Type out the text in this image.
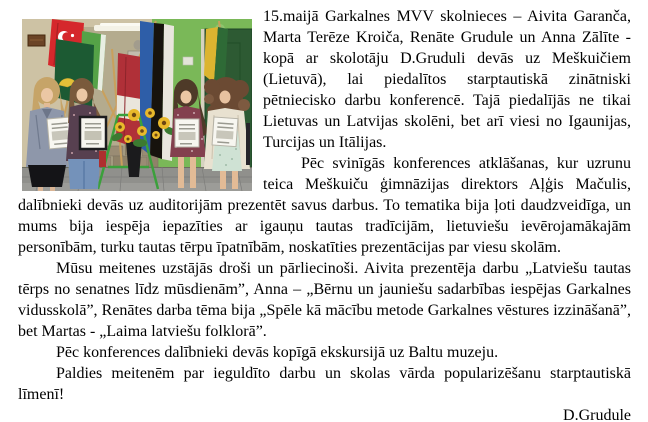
15.maijā Garkalnes MVV skolnieces – Aivita Garanča, Marta Terēze Kroiča, Renāte Grudule un Anna Zālīte - kopā ar skolotāju D.Gruduli devās uz Meškuičiem (Lietuvā), lai piedalītos starptautiskā zinātniski pētniecisko darbu konferencē. Tajā piedalījās ne tikai Lietuvas un Latvijas skolēni, bet arī viesi no Igaunijas, Turcijas un Itālijas.

Pēc svinīgās konferences atklāšanas, kur uzrunu teica Meškuiču ģimnāzijas direktors Aļģis Mačulis, dalībnieki devās uz auditorijām prezentēt savus darbus. To tematika bija ļoti daudzveidīga, un mums bija iespēja iepazīties ar igauņu tautas tradīcijām, lietuviešu ievērojamākajām personībām, turku tautas tērpu īpatnībām, noskatīties prezentācijas par viesu skolām.

Mūsu meitenes uzstājās droši un pārliecinoši. Aivita prezentēja darbu „Latviešu tautas tērps no senatnes līdz mūsdienām”, Anna – „Bērnu un jauniešu sadarbības iespējas Garkalnes vidusskolā”, Renātes darba tēma bija „Spēle kā mācību metode Garkalnes vēstures izzināšanā”, bet Martas - „Laima latviešu folklorā”.

Pēc konferences dalībnieki devās kopīgā ekskursijā uz Baltu muzeju.

Paldies meitenēm par ieguldīto darbu un skolas vārda popularizēšanu starptautiskā līmenī!

D.Grudule
